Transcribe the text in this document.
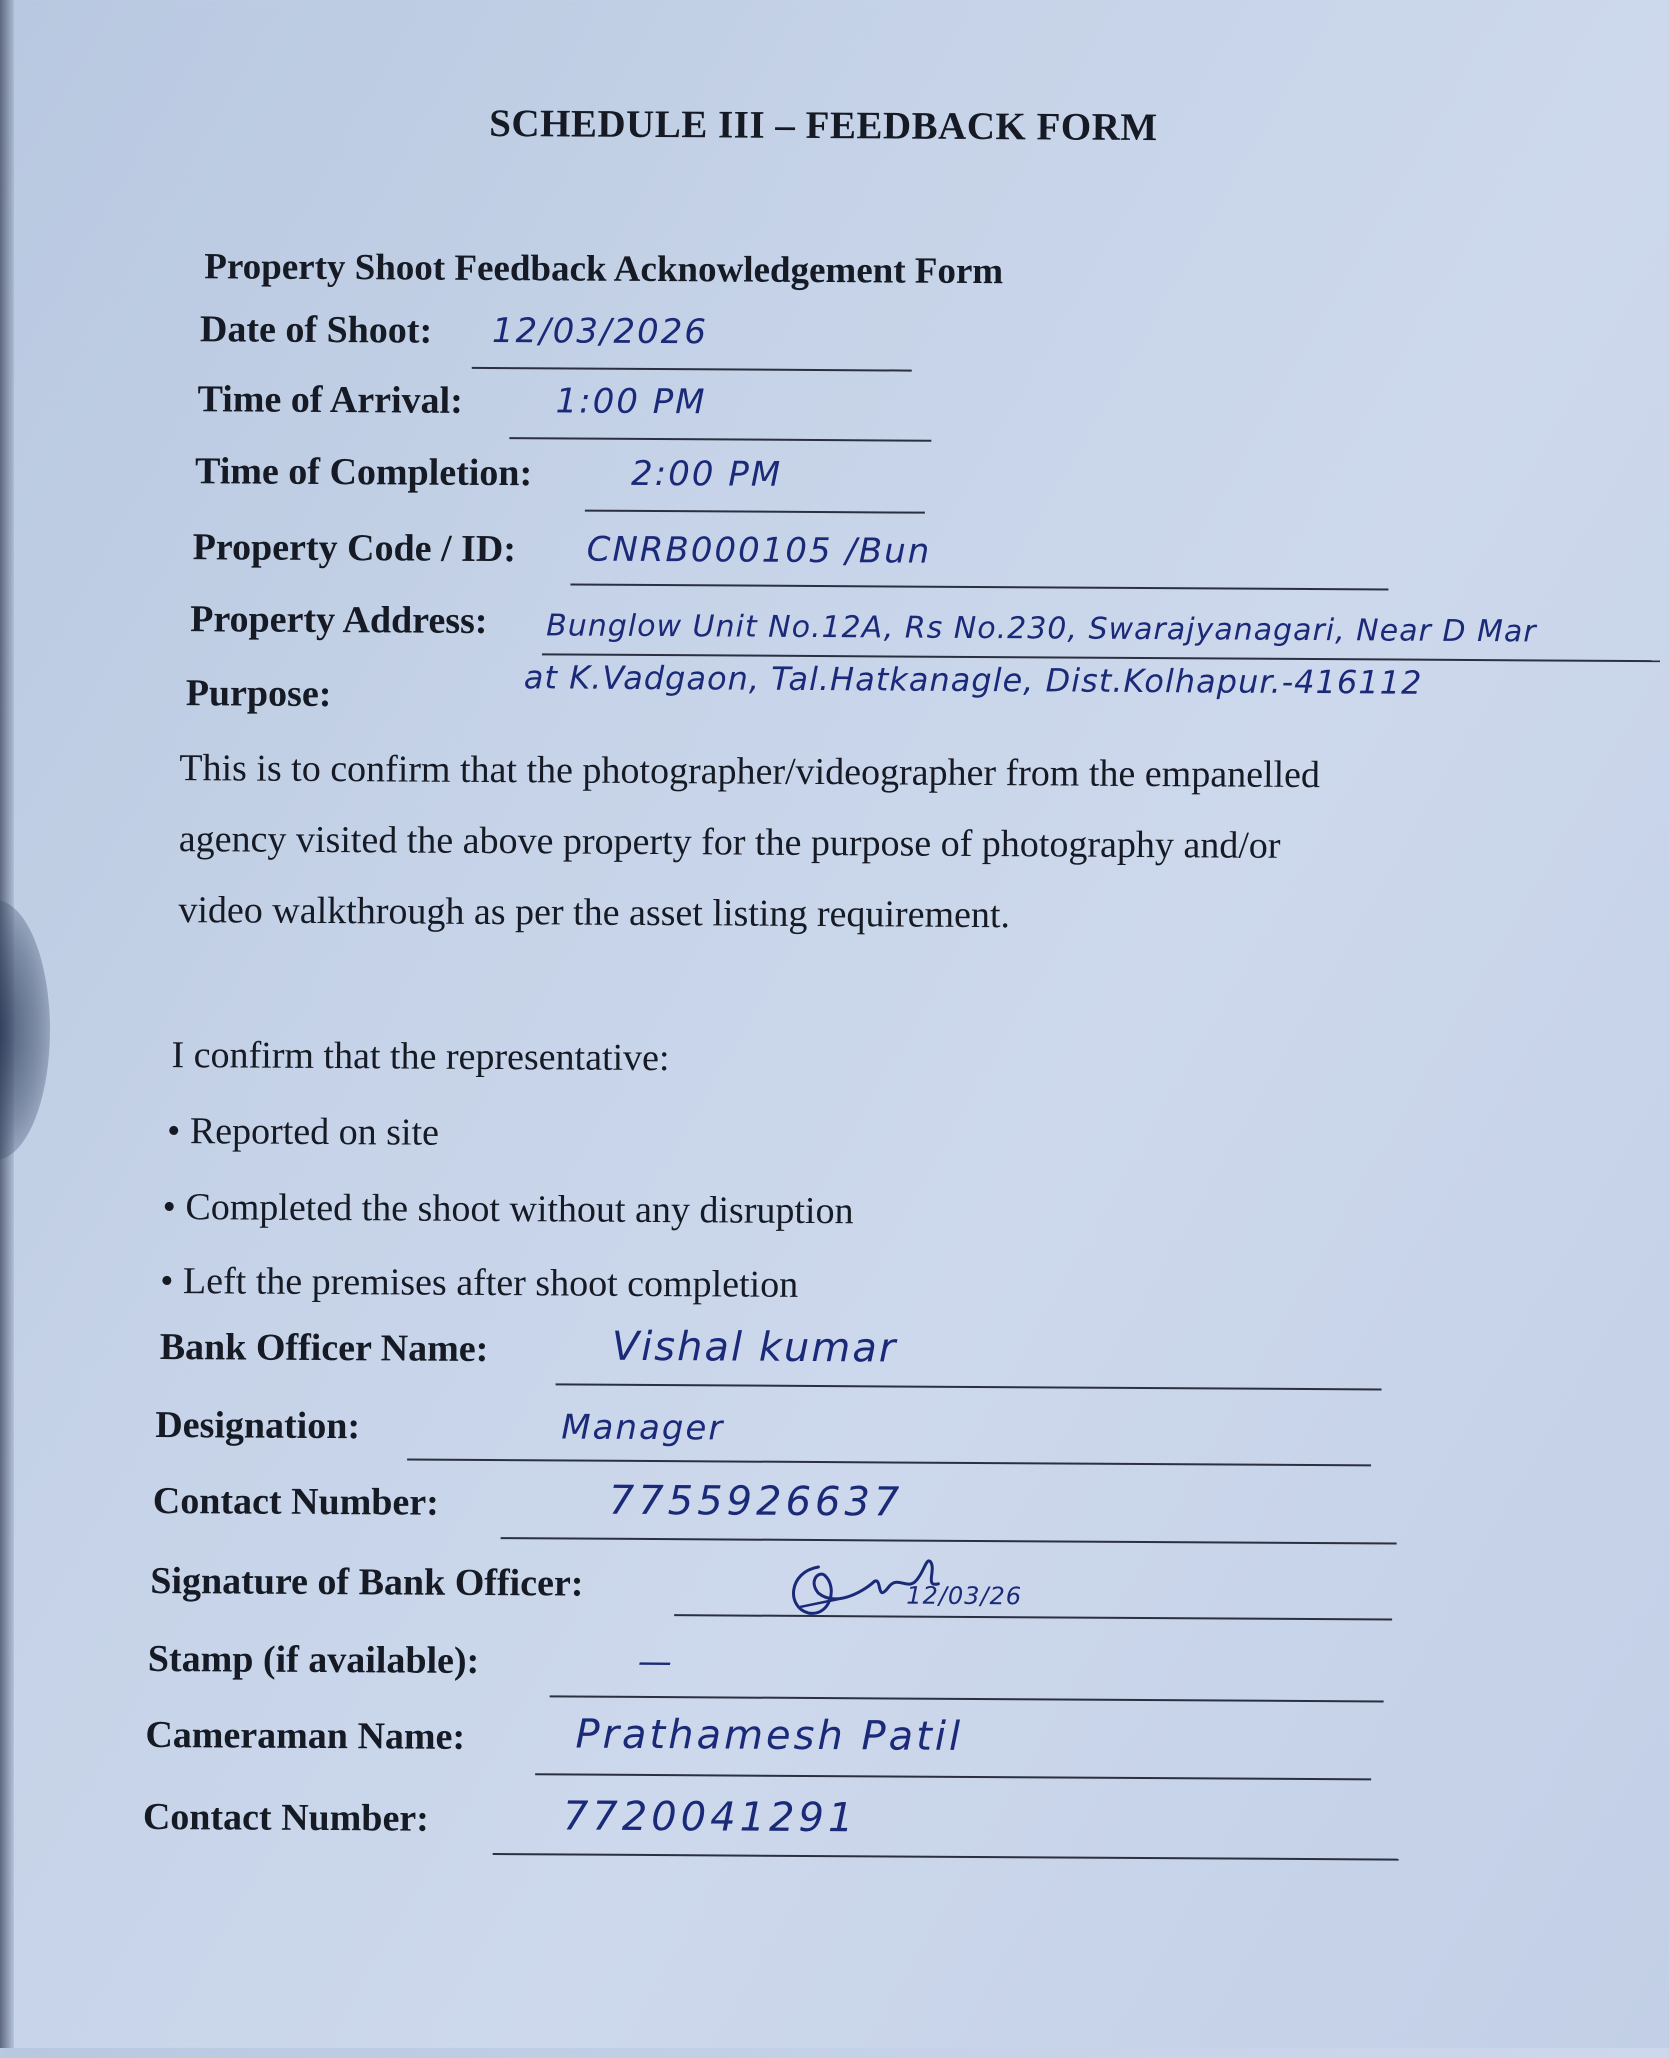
SCHEDULE III – FEEDBACK FORM
Property Shoot Feedback Acknowledgement Form
Date of Shoot: 12/03/2026
Time of Arrival:	1:00 PM
Time of Completion:	2:00 PM
Property Code / ID: CNRB000105 /Bun
Property Address: Bunglow Unit No.12A, Rs No.230, Swarajyanagari, Near D Mar
at K.Vadgaon, Tal.Hatkanagle, Dist.Kolhapur.-416112
Purpose:
This is to confirm that the photographer/videographer from the empanelled
agency visited the above property for the purpose of photography and/or
video walkthrough as per the asset listing requirement.
I confirm that the representative:
• Reported on site
• Completed the shoot without any disruption
• Left the premises after shoot completion
Bank Officer Name:	Vishal kumar
Designation:	Manager
Contact Number:	7755926637
Signature of Bank Officer:	12/03/26
Stamp (if available):	—
Cameraman Name:	Prathamesh Patil
Contact Number:	7720041291
